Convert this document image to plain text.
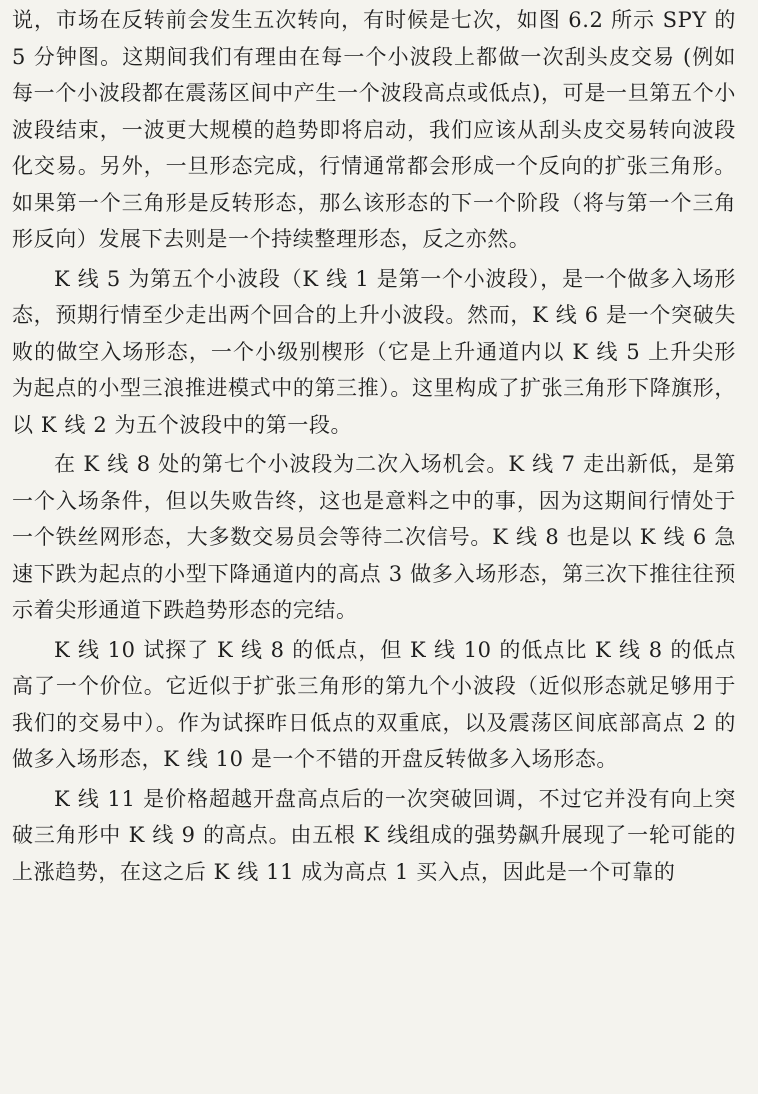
说，市场在反转前会发生五次转向，有时候是七次，如图 6.2 所示 SPY 的 5 分钟图。这期间我们有理由在每一个小波段上都做一次刮头皮交易 (例如每一个小波段都在震荡区间中产生一个波段高点或低点)，可是一旦第五个小波段结束，一波更大规模的趋势即将启动，我们应该从刮头皮交易转向波段化交易。另外，一旦形态完成，行情通常都会形成一个反向的扩张三角形。如果第一个三角形是反转形态，那么该形态的下一个阶段（将与第一个三角形反向）发展下去则是一个持续整理形态，反之亦然。

K 线 5 为第五个小波段（K 线 1 是第一个小波段），是一个做多入场形态，预期行情至少走出两个回合的上升小波段。然而，K 线 6 是一个突破失败的做空入场形态，一个小级别楔形（它是上升通道内以 K 线 5 上升尖形为起点的小型三浪推进模式中的第三推）。这里构成了扩张三角形下降旗形，以 K 线 2 为五个波段中的第一段。

在 K 线 8 处的第七个小波段为二次入场机会。K 线 7 走出新低，是第一个入场条件，但以失败告终，这也是意料之中的事，因为这期间行情处于一个铁丝网形态，大多数交易员会等待二次信号。K 线 8 也是以 K 线 6 急速下跌为起点的小型下降通道内的高点 3 做多入场形态，第三次下推往往预示着尖形通道下跌趋势形态的完结。

K 线 10 试探了 K 线 8 的低点，但 K 线 10 的低点比 K 线 8 的低点高了一个价位。它近似于扩张三角形的第九个小波段（近似形态就足够用于我们的交易中）。作为试探昨日低点的双重底，以及震荡区间底部高点 2 的做多入场形态，K 线 10 是一个不错的开盘反转做多入场形态。

K 线 11 是价格超越开盘高点后的一次突破回调，不过它并没有向上突破三角形中 K 线 9 的高点。由五根 K 线组成的强势飙升展现了一轮可能的上涨趋势，在这之后 K 线 11 成为高点 1 买入点，因此是一个可靠的
